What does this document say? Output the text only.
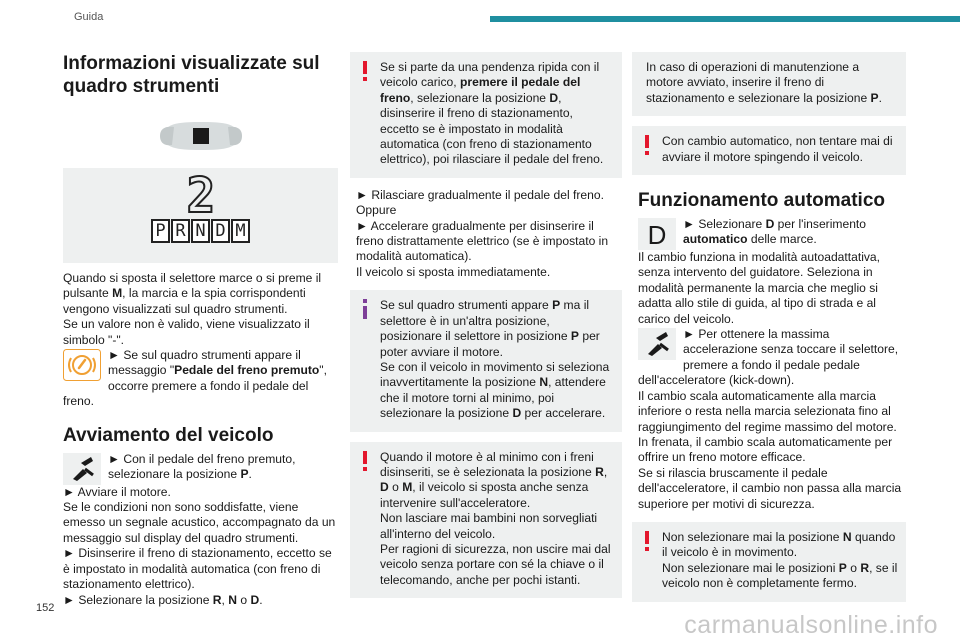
Guida
Informazioni visualizzate sul quadro strumenti
2
P R N D M

Quando si sposta il selettore marce o si preme il pulsante M, la marcia e la spia corrispondenti vengono visualizzati sul quadro strumenti.

Se un valore non è valido, viene visualizzato il simbolo "-".

► Se sul quadro strumenti appare il messaggio "Pedale del freno premuto", occorre premere a fondo il pedale del freno.

Avviamento del veicolo

► Con il pedale del freno premuto, selezionare la posizione P.

► Avviare il motore.

Se le condizioni non sono soddisfatte, viene emesso un segnale acustico, accompagnato da un messaggio sul display del quadro strumenti.

► Disinserire il freno di stazionamento, eccetto se è impostato in modalità automatica (con freno di stazionamento elettrico).

► Selezionare la posizione R, N o D.

Se si parte da una pendenza ripida con il veicolo carico, premere il pedale del freno, selezionare la posizione D, disinserire il freno di stazionamento, eccetto se è impostato in modalità automatica (con freno di stazionamento elettrico), poi rilasciare il pedale del freno.

► Rilasciare gradualmente il pedale del freno.

Oppure

► Accelerare gradualmente per disinserire il freno distrattamente elettrico (se è impostato in modalità automatica).

Il veicolo si sposta immediatamente.

Se sul quadro strumenti appare P ma il selettore è in un'altra posizione, posizionare il selettore in posizione P per poter avviare il motore.

Se con il veicolo in movimento si seleziona inavvertitamente la posizione N, attendere che il motore torni al minimo, poi selezionare la posizione D per accelerare.

Quando il motore è al minimo con i freni disinseriti, se è selezionata la posizione R, D o M, il veicolo si sposta anche senza intervenire sull'acceleratore.

Non lasciare mai bambini non sorvegliati all'interno del veicolo.

Per ragioni di sicurezza, non uscire mai dal veicolo senza portare con sé la chiave o il telecomando, anche per pochi istanti.

In caso di operazioni di manutenzione a motore avviato, inserire il freno di stazionamento e selezionare la posizione P.

Con cambio automatico, non tentare mai di avviare il motore spingendo il veicolo.

Funzionamento automatico
D	► Selezionare D per l'inserimento automatico delle marce.

Il cambio funziona in modalità autoadattativa, senza intervento del guidatore. Seleziona in modalità permanente la marcia che meglio si adatta allo stile di guida, al tipo di strada e al carico del veicolo.

► Per ottenere la massima accelerazione senza toccare il selettore, premere a fondo il pedale pedale dell'acceleratore (kick-down).

Il cambio scala automaticamente alla marcia inferiore o resta nella marcia selezionata fino al raggiungimento del regime massimo del motore.

In frenata, il cambio scala automaticamente per offrire un freno motore efficace.

Se si rilascia bruscamente il pedale dell'acceleratore, il cambio non passa alla marcia superiore per motivi di sicurezza.

Non selezionare mai la posizione N quando il veicolo è in movimento.

Non selezionare mai le posizioni P o R, se il veicolo non è completamente fermo.

152
carmanualsonline.info
